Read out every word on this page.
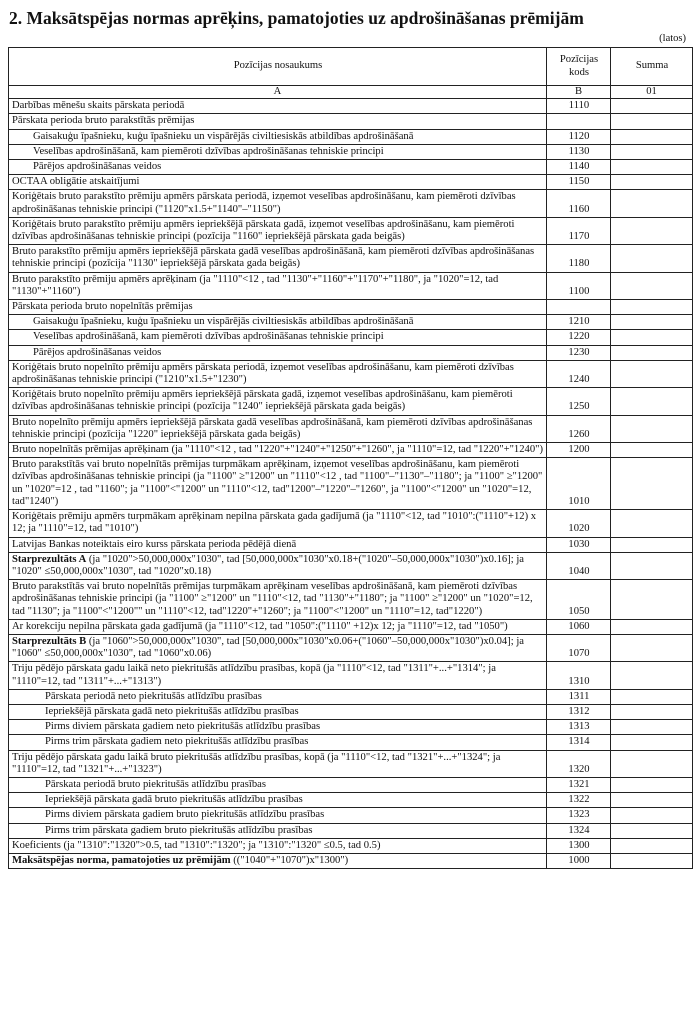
2. Maksātspējas normas aprēķins, pamatojoties uz apdrošināšanas prēmijām
(latos)
Pozīcijas nosaukums	Pozīcijas kods	Summa
A	B	01
Darbības mēnešu skaits pārskata periodā	1110	
Pārskata perioda bruto parakstītās prēmijas		
Gaisakuģu īpašnieku, kuģu īpašnieku un vispārējās civiltiesiskās atbildības apdrošināšanā	1120	
Veselības apdrošināšanā, kam piemēroti dzīvības apdrošināšanas tehniskie principi	1130	
Pārējos apdrošināšanas veidos	1140	
OCTAA obligātie atskaitījumi	1150	
Koriģētais bruto parakstīto prēmiju apmērs pārskata periodā, izņemot veselības apdrošināšanu, kam piemēroti dzīvības apdrošināšanas tehniskie principi ("1120"x1.5+"1140"–"1150")	1160	
Koriģētais bruto parakstīto prēmiju apmērs iepriekšējā pārskata gadā, izņemot veselības apdrošināšanu, kam piemēroti dzīvības apdrošināšanas tehniskie principi (pozīcija "1160" iepriekšējā pārskata gada beigās)	1170	
Bruto parakstīto prēmiju apmērs iepriekšējā pārskata gadā veselības apdrošināšanā, kam piemēroti dzīvības apdrošināšanas tehniskie principi (pozīcija "1130" iepriekšējā pārskata gada beigās)	1180	
Bruto parakstīto prēmiju apmērs aprēķinam (ja "1110"<12 , tad "1130"+"1160"+"1170"+"1180", ja "1020"=12, tad "1130"+"1160")	1100	
Pārskata perioda bruto nopelnītās prēmijas		
Gaisakuģu īpašnieku, kuģu īpašnieku un vispārējās civiltiesiskās atbildības apdrošināšanā	1210	
Veselības apdrošināšanā, kam piemēroti dzīvības apdrošināšanas tehniskie principi	1220	
Pārējos apdrošināšanas veidos	1230	
Koriģētais bruto nopelnīto prēmiju apmērs pārskata periodā, izņemot veselības apdrošināšanu, kam piemēroti dzīvības apdrošināšanas tehniskie principi ("1210"x1.5+"1230")	1240	
Koriģētais bruto nopelnīto prēmiju apmērs iepriekšējā pārskata gadā, izņemot veselības apdrošināšanu, kam piemēroti dzīvības apdrošināšanas tehniskie principi (pozīcija "1240" iepriekšējā pārskata gada beigās)	1250	
Bruto nopelnīto prēmiju apmērs iepriekšējā pārskata gadā veselības apdrošināšanā, kam piemēroti dzīvības apdrošināšanas tehniskie principi (pozīcija "1220" iepriekšējā pārskata gada beigās)	1260	
Bruto nopelnītās prēmijas aprēķinam (ja "1110"<12 , tad "1220"+"1240"+"1250"+"1260", ja "1110"=12, tad "1220"+"1240")	1200	
Bruto parakstītās vai bruto nopelnītās prēmijas turpmākam aprēķinam, izņemot veselības apdrošināšanu, kam piemēroti dzīvības apdrošināšanas tehniskie principi (ja "1100" ≥"1200" un "1110"<12 , tad "1100"–"1130"–"1180"; ja "1100" ≥"1200" un "1020"=12 , tad "1160"; ja "1100"<"1200" un "1110"<12, tad"1200"–"1220"–"1260", ja "1100"<"1200" un "1020"=12, tad"1240")	1010	
Koriģētais prēmiju apmērs turpmākam aprēķinam nepilna pārskata gada gadījumā (ja "1110"<12, tad "1010":("1110"+12) x 12; ja "1110"=12, tad "1010")	1020	
Latvijas Bankas noteiktais eiro kurss pārskata perioda pēdējā dienā	1030	
Starprezultāts A (ja "1020">50,000,000x"1030", tad [50,000,000x"1030"x0.18+("1020"–50,000,000x"1030")x0.16]; ja "1020" ≤50,000,000x"1030", tad "1020"x0.18)	1040	
Bruto parakstītās vai bruto nopelnītās prēmijas turpmākam aprēķinam veselības apdrošināšanā, kam piemēroti dzīvības apdrošināšanas tehniskie principi (ja "1100" ≥"1200" un "1110"<12, tad "1130"+"1180"; ja "1100" ≥"1200" un "1020"=12, tad "1130"; ja "1100"<"1200"" un "1110"<12, tad"1220"+"1260"; ja "1100"<"1200" un "1110"=12, tad"1220")	1050	
Ar korekciju nepilna pārskata gada gadījumā (ja "1110"<12, tad "1050":("1110" +12)x 12; ja "1110"=12, tad "1050")	1060	
Starprezultāts B (ja "1060">50,000,000x"1030", tad [50,000,000x"1030"x0.06+("1060"–50,000,000x"1030")x0.04]; ja "1060" ≤50,000,000x"1030", tad "1060"x0.06)	1070	
Triju pēdējo pārskata gadu laikā neto piekritušās atlīdzību prasības, kopā (ja "1110"<12, tad "1311"+...+"1314"; ja "1110"=12, tad "1311"+...+"1313")	1310	
Pārskata periodā neto piekritušās atlīdzību prasības	1311	
Iepriekšējā pārskata gadā neto piekritušās atlīdzību prasības	1312	
Pirms diviem pārskata gadiem neto piekritušās atlīdzību prasības	1313	
Pirms trim pārskata gadiem neto piekritušās atlīdzību prasības	1314	
Triju pēdējo pārskata gadu laikā bruto piekritušās atlīdzību prasības, kopā (ja "1110"<12, tad "1321"+...+"1324"; ja "1110"=12, tad "1321"+...+"1323")	1320	
Pārskata periodā bruto piekritušās atlīdzību prasības	1321	
Iepriekšējā pārskata gadā bruto piekritušās atlīdzību prasības	1322	
Pirms diviem pārskata gadiem bruto piekritušās atlīdzību prasības	1323	
Pirms trim pārskata gadiem bruto piekritušās atlīdzību prasības	1324	
Koeficients (ja "1310":"1320">0.5, tad "1310":"1320"; ja "1310":"1320" ≤0.5, tad 0.5)	1300	
Maksātspējas norma, pamatojoties uz prēmijām (("1040"+"1070")x"1300")	1000	
